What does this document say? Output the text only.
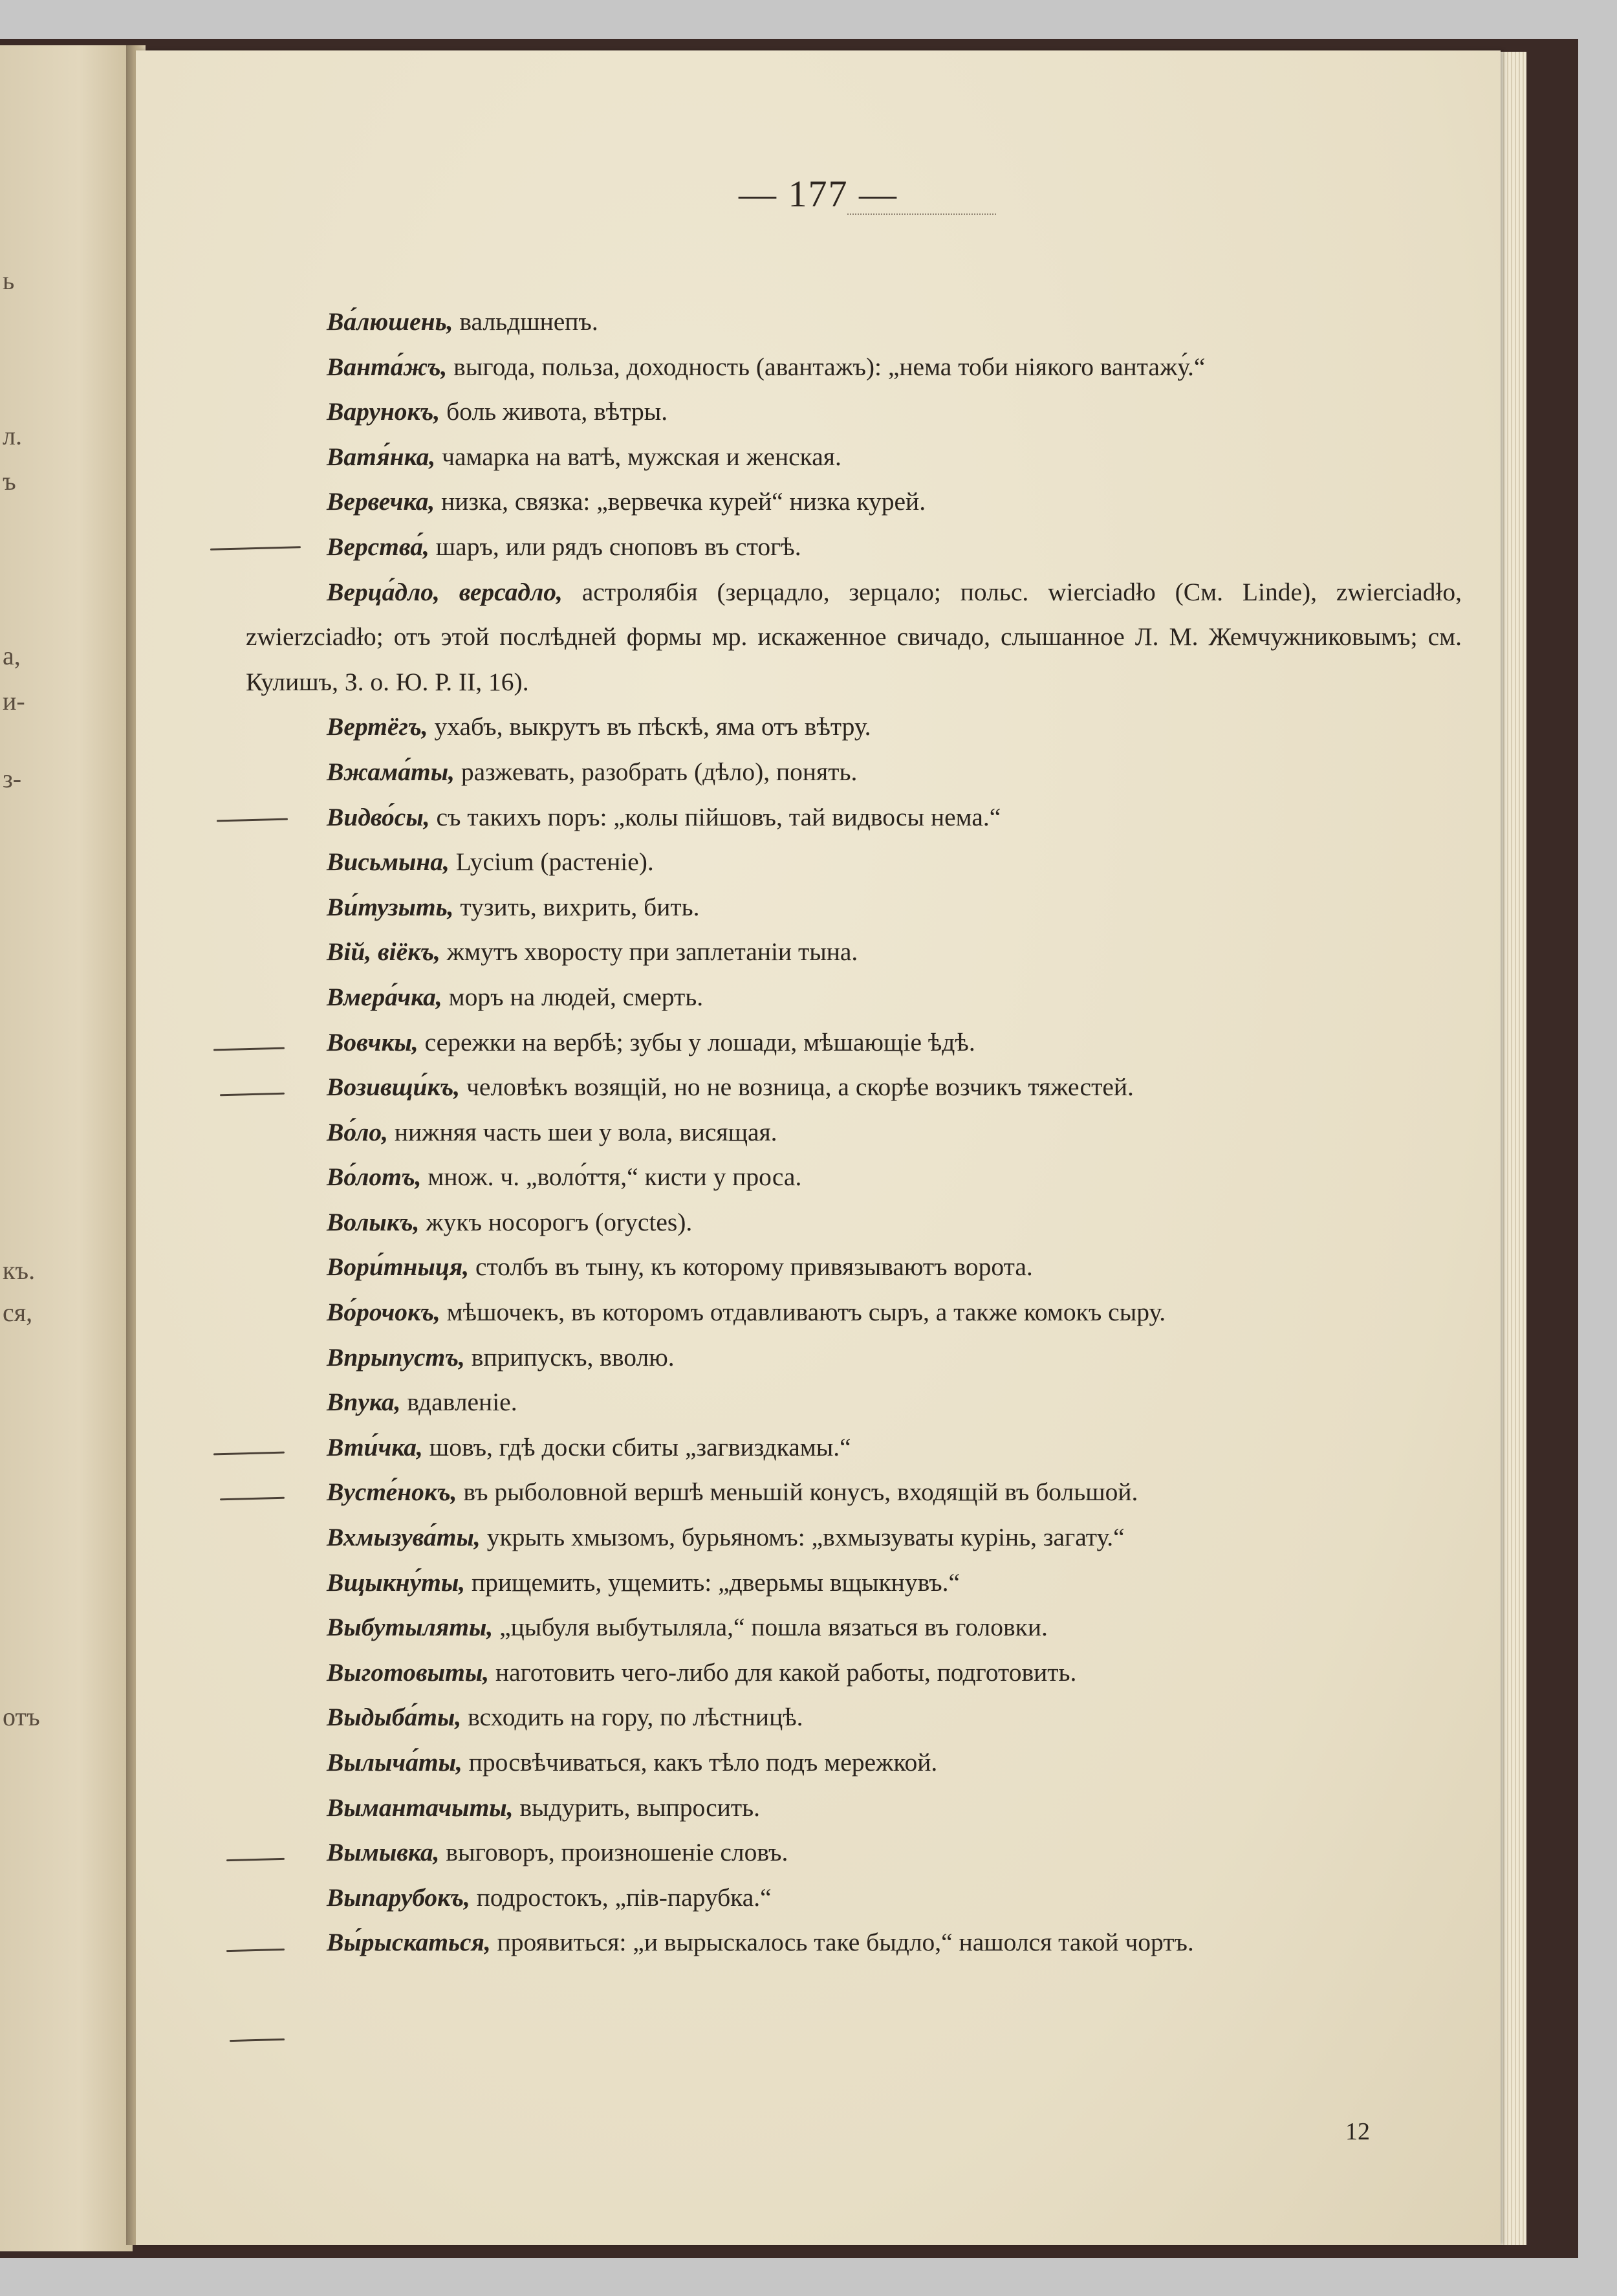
ь
л.
ъ
а,
и-
з-
къ.
ся,
отъ
— 177 —

Ва́люшень, вальдшнепъ.

Ванта́жъ, выгода, польза, доходность (авантажъ): „нема тоби ніякого вантажу́.“

Варунокъ, боль живота, вѣтры.

Ватя́нка, чамарка на ватѣ, мужская и женская.

Вервечка, низка, связка: „вервечка курей“ низка курей.

Верства́, шаръ, или рядъ сноповъ въ стогѣ.

Верца́дло, версадло, астролябія (зерцадло, зерцало; польс. wierciadło (См. Linde), zwierciadło, zwierzciadło; отъ этой послѣдней формы мр. искаженное свичадо, слышанное Л. М. Жемчужниковымъ; см. Кулишъ, З. о. Ю. Р. II, 16).

Вертёгъ, ухабъ, выкрутъ въ пѣскѣ, яма отъ вѣтру.

Вжама́ты, разжевать, разобрать (дѣло), понять.

Видво́сы, съ такихъ поръ: „колы пійшовъ, тай видвосы нема.“

Висьмына, Lycium (растеніе).

Ви́тузыть, тузить, вихрить, бить.

Вій, віёкъ, жмутъ хворосту при заплетаніи тына.

Вмера́чка, моръ на людей, смерть.

Вовчкы, сережки на вербѣ; зубы у лошади, мѣшающіе ѣдѣ.

Возивщи́къ, человѣкъ возящій, но не возница, а скорѣе возчикъ тяжестей.

Во́ло, нижняя часть шеи у вола, висящая.

Во́лотъ, множ. ч. „воло́ття,“ кисти у проса.

Волыкъ, жукъ носорогъ (orycteѕ).

Вори́тныця, столбъ въ тыну, къ которому привязываютъ ворота.

Во́рочокъ, мѣшочекъ, въ которомъ отдавливаютъ сыръ, а также комокъ сыру.

Впрыпустъ, вприпускъ, вволю.

Впука, вдавленіе.

Вти́чка, шовъ, гдѣ доски сбиты „загвиздкамы.“

Вусте́нокъ, въ рыболовной вершѣ меньшій конусъ, входящій въ большой.

Вхмызува́ты, укрыть хмызомъ, бурьяномъ: „вхмызуваты курінь, загату.“

Вщыкну́ты, прищемить, ущемить: „дверьмы вщыкнувъ.“

Выбутыляты, „цыбуля выбутыляла,“ пошла вязаться въ головки.

Выготовыты, наготовить чего-либо для какой работы, подготовить.

Выдыба́ты, всходить на гору, по лѣстницѣ.

Вылыча́ты, просвѣчиваться, какъ тѣло подъ мережкой.

Вымантачыты, выдурить, выпросить.

Вымывка, выговоръ, произношеніе словъ.

Выпарубокъ, подростокъ, „пів-парубка.“

Вы́рыскаться, проявиться: „и вырыскалось таке быдло,“ нашолся такой чортъ.

12
